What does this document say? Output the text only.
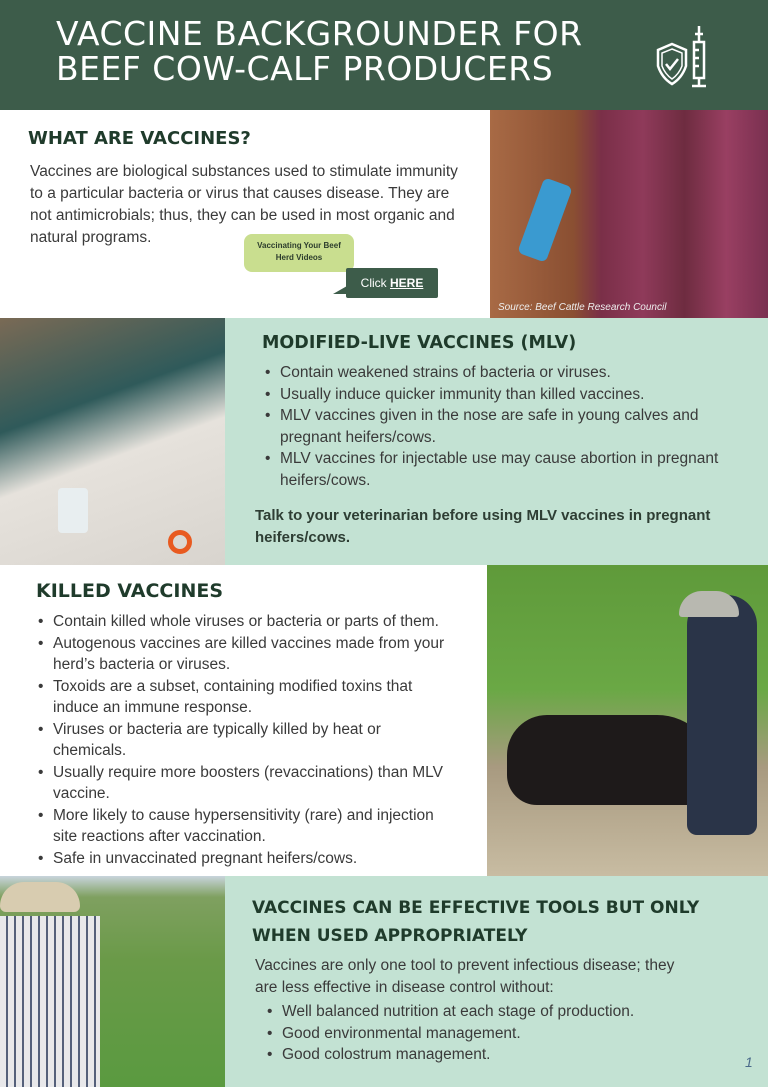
VACCINE BACKGROUNDER FOR
BEEF COW-CALF PRODUCERS
WHAT ARE VACCINES?
Vaccines are biological substances used to stimulate immunity to a particular bacteria or virus that causes disease. They are not antimicrobials; thus, they can be used in most organic and natural programs.	Vaccinating Your Beef Herd Videos
Click HERE
Source: Beef Cattle Research Council
MODIFIED-LIVE VACCINES (MLV)
• Contain weakened strains of bacteria or viruses.
• Usually induce quicker immunity than killed vaccines.
• MLV vaccines given in the nose are safe in young calves and pregnant heifers/cows.
• MLV vaccines for injectable use may cause abortion in pregnant heifers/cows.
Talk to your veterinarian before using MLV vaccines in pregnant heifers/cows.
KILLED VACCINES
• Contain killed whole viruses or bacteria or parts of them.
• Autogenous vaccines are killed vaccines made from your herd’s bacteria or viruses.
• Toxoids are a subset, containing modified toxins that induce an immune response.
• Viruses or bacteria are typically killed by heat or chemicals.
• Usually require more boosters (revaccinations) than MLV vaccine.
• More likely to cause hypersensitivity (rare) and injection site reactions after vaccination.
• Safe in unvaccinated pregnant heifers/cows.
VACCINES CAN BE EFFECTIVE TOOLS BUT ONLY
WHEN USED APPROPRIATELY
Vaccines are only one tool to prevent infectious disease; they are less effective in disease control without:
• Well balanced nutrition at each stage of production.
• Good environmental management.
• Good colostrum management.	1
